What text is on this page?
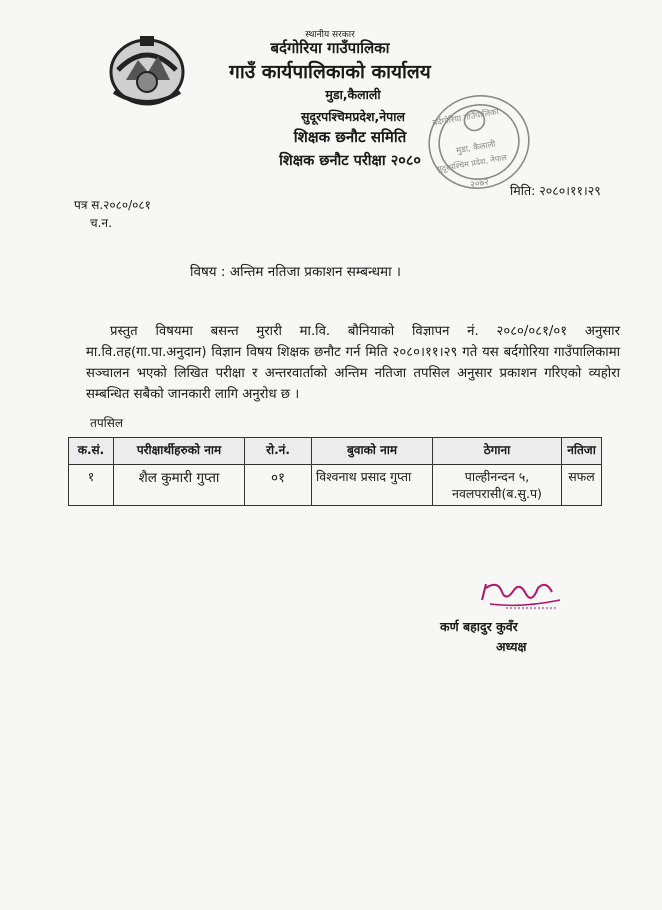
स्थानीय सरकार
बर्दगोरिया गाउँपालिका
गाउँ कार्यपालिकाको कार्यालय
मुडा,कैलाली
सुदूरपश्चिमप्रदेश,नेपाल
शिक्षक छनौट समिति
शिक्षक छनौट परीक्षा २०८०
बर्दगोरिया गाउँपालिका
मुडा, कैलाली
सुदूरपश्चिम प्रदेश, नेपाल
२०७२ मिति: २०८०।११।२९
पत्र स.२०८०/०८१
च.न.
विषय : अन्तिम नतिजा प्रकाशन सम्बन्धमा ।
प्रस्तुत विषयमा बसन्त मुरारी मा.वि. बौनियाको विज्ञापन नं. २०८०/०८१/०१ अनुसार मा.वि.तह(गा.पा.अनुदान) विज्ञान विषय शिक्षक छनौट गर्न मिति २०८०।११।२९ गते यस बर्दगोरिया गाउँपालिकामा सञ्चालन भएको लिखित परीक्षा र अन्तरवार्ताको अन्तिम नतिजा तपसिल अनुसार प्रकाशन गरिएको व्यहोरा सम्बन्धित सबैको जानकारी लागि अनुरोध छ ।
तपसिल
क.सं.	परीक्षार्थीहरुको नाम	रो.नं.	बुवाको नाम	ठेगाना	नतिजा
१	शैल कुमारी गुप्ता	०१	विश्वनाथ प्रसाद गुप्ता	पाल्हीनन्दन ५,
नवलपरासी(ब.सु.प)	सफल
कर्ण बहादुर कुवँर
अध्यक्ष
